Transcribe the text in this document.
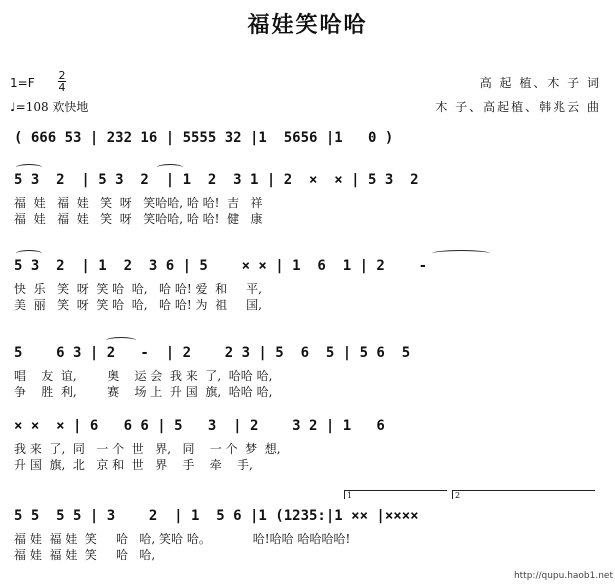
福娃笑哈哈
1=F
2
4
♩=108 欢快地
高 起 植、木 子 词
木 子、高起植、韩兆云 曲
( 666 53 | 232 16 | 5555 32 |1  5656 |1   0 )
5 3  2  | 5 3  2  | 1  2  3 1 | 2  ×  × | 5 3  2
福  娃   福  娃   笑  呀   笑哈哈, 哈 哈!  吉   祥
福  娃   福  娃   笑  呀   笑哈哈, 哈 哈!  健   康
5 3  2  | 1  2  3 6 | 5    × × | 1  6  1 | 2    -
快  乐   笑  呀  笑 哈  哈,   哈 哈! 爱  和     平,
美  丽   笑  呀  笑 哈  哈,   哈 哈! 为  祖     国,
5    6 3 | 2   -  | 2    2 3 | 5  6  5 | 5 6  5
唱    友  谊,        奥    运 会  我 来  了,  哈哈 哈,
争    胜  利,        赛    场 上  升 国  旗,  哈哈 哈,
× ×  × | 6   6 6 | 5   3  | 2    3 2 | 1   6
我 来  了,  同   一 个  世   界,   同    一 个  梦  想,
升 国  旗,  北   京 和  世   界    手    牵    手,
1	2
5 5  5 5 | 3    2  | 1  5 6 |1 (1235:|1 ×× |××××
福 娃  福 娃  笑     哈   哈, 笑哈 哈。           哈!哈哈 哈哈哈哈!
福 娃  福 娃  笑     哈   哈,
http://qupu.haob1.net
